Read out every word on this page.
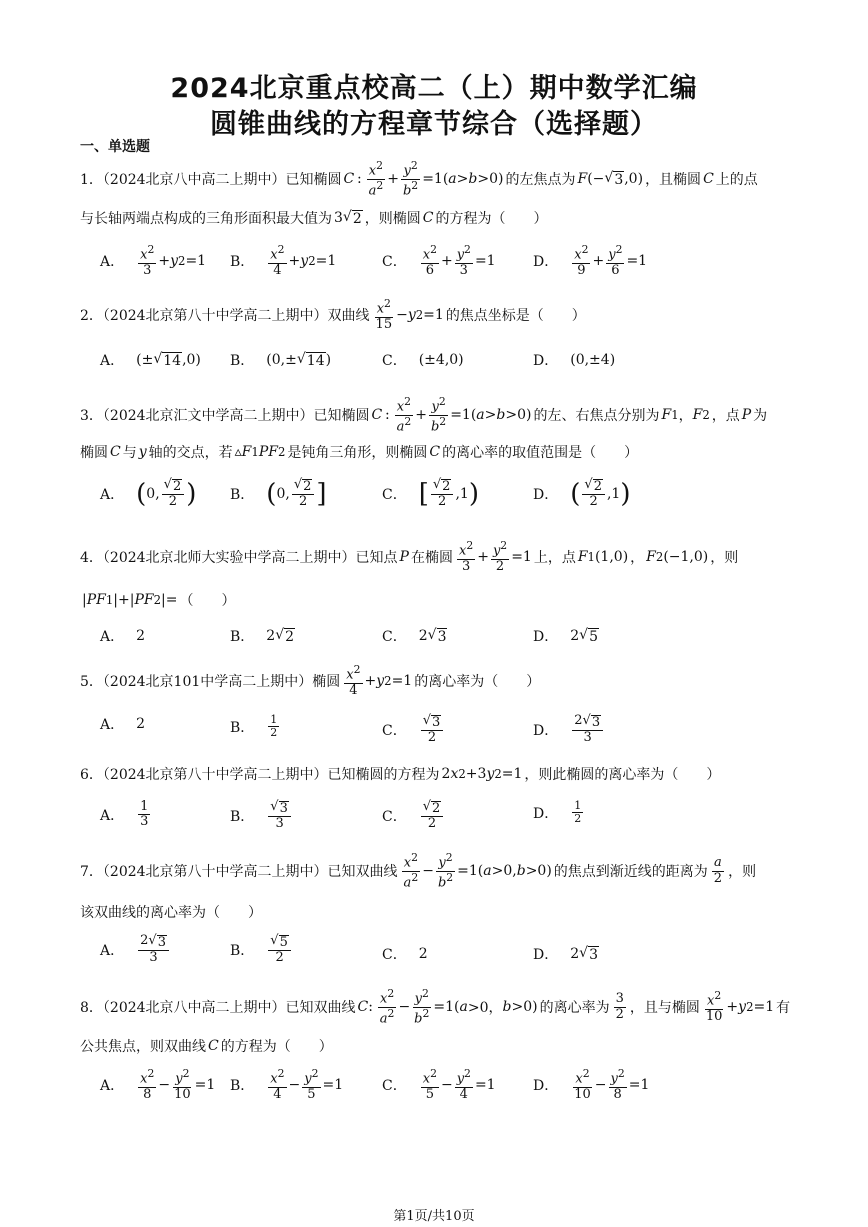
2024北京重点校高二（上）期中数学汇编
圆锥曲线的方程章节综合（选择题）
一、单选题
1．（2024北京八中高二上期中）已知椭圆 C  :  $\frac{x^2}{a^2} + \frac{y^2}{b^2} =1$( a > b >0) 的左焦点为 F (− √ 3 ,0) ，且椭圆 C 上的点
与长轴两端点构成的三角形面积最大值为 3 √ 2 ，则椭圆 C 的方程为（　　）
A． $\frac{x^2}{3} + y$ 2 =1 B． $\frac{x^2}{4} + y$ 2 =1	C． $\frac{x^2}{6} + \frac{y^2}{3} =1$	D． $\frac{x^2}{9} + \frac{y^2}{6} =1$
2．（2024北京第八十中学高二上期中）双曲线 $\frac{x^2}{15} - y$ 2 =1 的焦点坐标是（　　）
A． (± √ 14 ,0) B． (0,± √ 14 )	C． (±4,0)	D． (0,±4)
3．（2024北京汇文中学高二上期中）已知椭圆 C  :  $\frac{x^2}{a^2} + \frac{y^2}{b^2} =1$( a > b >0) 的左、右焦点分别为 F 1 ， F 2 ，点 P 为
椭圆 C 与 y 轴的交点，若 ▵ F 1 PF 2 是钝角三角形，则椭圆 C 的离心率的取值范围是（　　）
A． ( 0, $\frac{√ 2}{2}$ ) B． ( 0, $\frac{√ 2}{2}$ ]	C． [ $\frac{√ 2}{2} ,1$ )	D． ( $\frac{√ 2}{2} ,1$ )
4．（2024北京北师大实验中学高二上期中）已知点 P 在椭圆 $\frac{x^2}{3} + \frac{y^2}{2} =1$ 上，点 F 1 (1,0) ， F 2 (−1,0) ，则
| PF 1 |+| PF 2 |= （　　）
A． 2	B． 2 √ 2	C． 2 √ 3	D． 2 √ 5
5．（2024北京101中学高二上期中）椭圆 $\frac{x^2}{4} + y$ 2 =1 的离心率为（　　）
A． 2	B． $\frac{1}{2}$	C． $\frac{√ 3}{2}$	D． $\frac{2√ 3}{3}$
6．（2024北京第八十中学高二上期中）已知椭圆的方程为 2 x 2 +3 y 2 =1 ，则此椭圆的离心率为（　　）
A． $\frac{1}{3}$	B． $\frac{√ 3}{3}$	C． $\frac{√ 2}{2}$	D． $\frac{1}{2}$
7．（2024北京第八十中学高二上期中）已知双曲线 $\frac{x^2}{a^2} - \frac{y^2}{b^2} =1$( a >0, b >0) 的焦点到渐近线的距离为 $\frac{a}{2}$ ，则
该双曲线的离心率为（　　）
A． $\frac{2√ 3}{3}$	B． $\frac{√ 5}{2}$	C． 2	D． 2 √ 3
8．（2024北京八中高二上期中）已知双曲线 C :  $\frac{x^2}{a^2} - \frac{y^2}{b^2} =1$( a >0， b >0) 的离心率为 $\frac{3}{2}$ ，且与椭圆 $\frac{x^2}{10} + y$ 2 =1 有
公共焦点，则双曲线 C 的方程为（　　）
A． $\frac{x^2}{8} - \frac{y^2}{10} =1$ B． $\frac{x^2}{4} - \frac{y^2}{5} =1$	C． $\frac{x^2}{5} - \frac{y^2}{4} =1$	D． $\frac{x^2}{10} - \frac{y^2}{8} =1$
第1页/共10页
